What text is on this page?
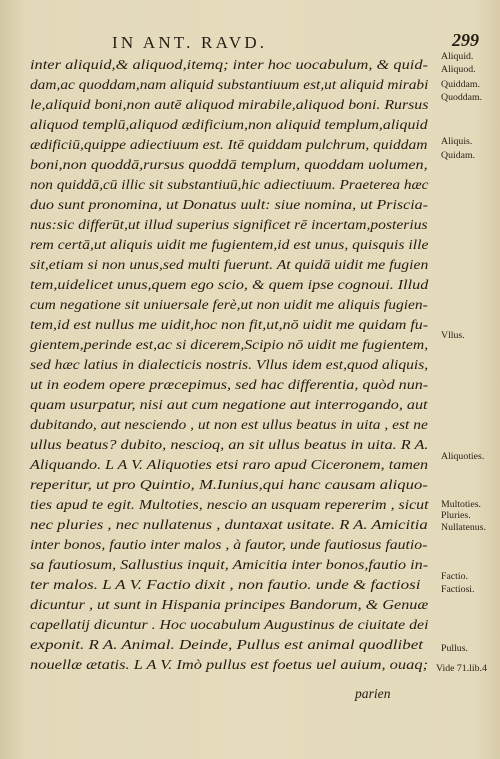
IN ANT. RAVD.	299
inter aliquid,& aliquod,itemq; inter hoc uocabulum, & quid-
dam,ac quoddam,nam aliquid substantiuum est,ut aliquid mirabi
le,aliquid boni,non autē aliquod mirabile,aliquod boni. Rursus
aliquod templū,aliquod ædificium,non aliquid templum,aliquid
ædificiū,quippe adiectiuum est. Itē quiddam pulchrum, quiddam
boni,non quoddā,rursus quoddā templum, quoddam uolumen,
non quiddā,cū illic sit substantiuū,hic adiectiuum. Praeterea hæc
duo sunt pronomina, ut Donatus uult: siue nomina, ut Priscia-
nus:sic differūt,ut illud superius significet rē incertam,posterius
rem certā,ut aliquis uidit me fugientem,id est unus, quisquis ille
sit,etiam si non unus,sed multi fuerunt. At quidā uidit me fugien
tem,uidelicet unus,quem ego scio, & quem ipse cognoui. Illud
cum negatione sit uniuersale ferè,ut non uidit me aliquis fugien-
tem,id est nullus me uidit,hoc non fit,ut,nō uidit me quidam fu-
gientem,perinde est,ac si dicerem,Scipio nō uidit me fugientem,
sed hæc latius in dialecticis nostris. Vllus idem est,quod aliquis,
ut in eodem opere præcepimus, sed hac differentia, quòd nun-
quam usurpatur, nisi aut cum negatione aut interrogando, aut
dubitando, aut nesciendo , ut non est ullus beatus in uita , est ne
ullus beatus? dubito, nescioq, an sit ullus beatus in uita. R A.
Aliquando. L A V. Aliquoties etsi raro apud Ciceronem, tamen
reperitur, ut pro Quintio, M.Iunius,qui hanc causam aliquo-
ties apud te egit. Multoties, nescio an usquam repererim , sicut
nec pluries , nec nullatenus , duntaxat usitate. R A. Amicitia
inter bonos, fautio inter malos , à fautor, unde fautiosus fautio-
sa fautiosum, Sallustius inquit, Amicitia inter bonos,fautio in-
ter malos. L A V. Factio dixit , non fautio. unde & factiosi
dicuntur , ut sunt in Hispania principes Bandorum, & Genuæ
capellatij dicuntur . Hoc uocabulum Augustinus de ciuitate dei
exponit. R A. Animal. Deinde, Pullus est animal quodlibet
nouellæ ætatis. L A V. Imò pullus est foetus uel auium, ouaq;
parien
Aliquid.
Aliquod.
Quiddam.
Quoddam.
Aliquis.
Quidam.
Vllus.
Aliquoties.
Multoties.
Pluries.
Nullatenus.
Factio.
Factiosi.
Pullus.
Vide 71.lib.4
